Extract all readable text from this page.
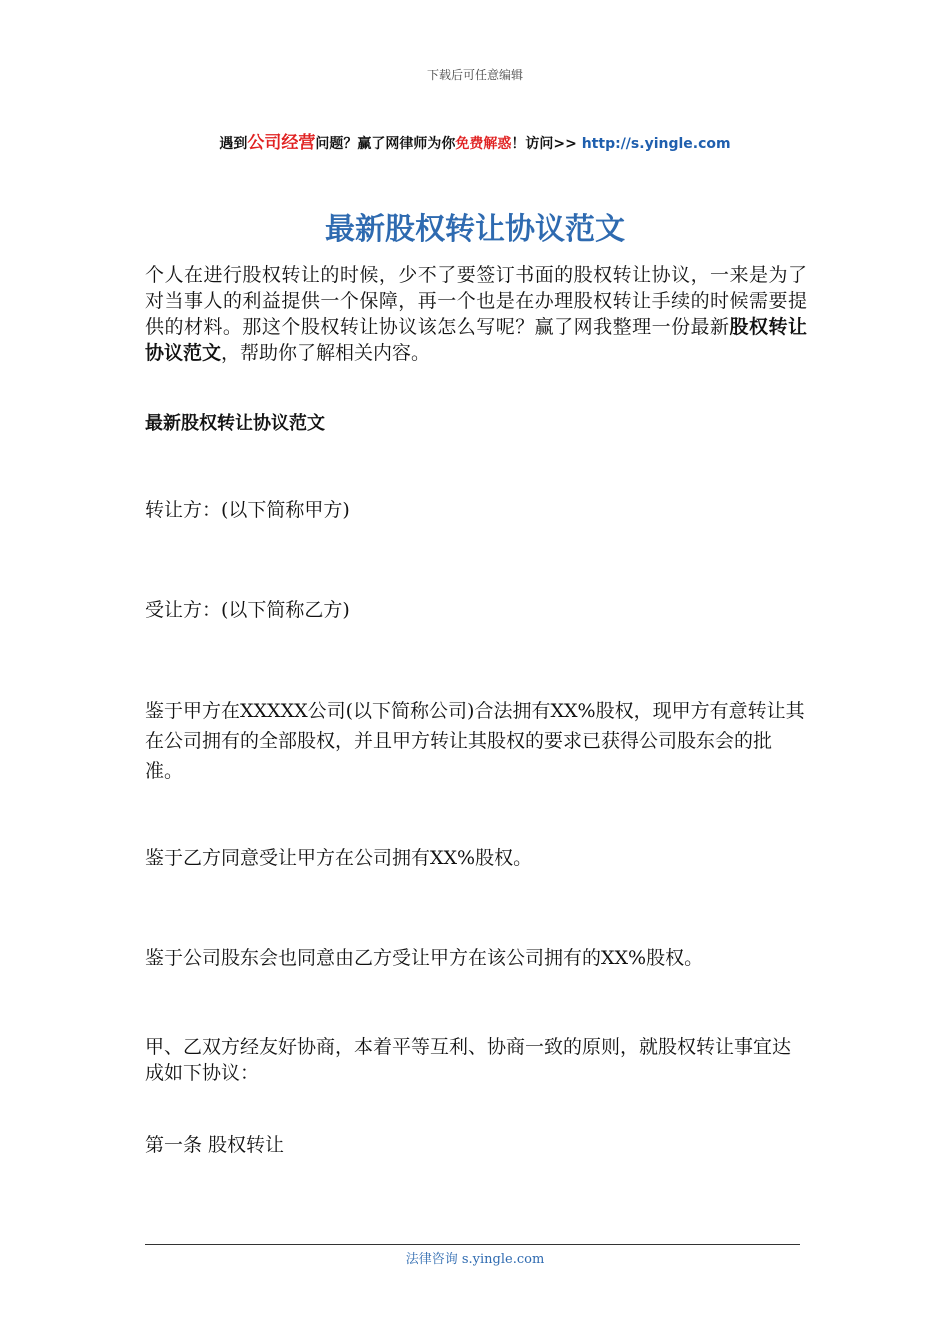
下载后可任意编辑
遇到公司经营问题？赢了网律师为你免费解惑！访问>> http://s.yingle.com
最新股权转让协议范文
个人在进行股权转让的时候，少不了要签订书面的股权转让协议，一来是为了对当事人的利益提供一个保障，再一个也是在办理股权转让手续的时候需要提供的材料。那这个股权转让协议该怎么写呢？赢了网我整理一份最新股权转让协议范文，帮助你了解相关内容。
最新股权转让协议范文
转让方：(以下简称甲方)
受让方：(以下简称乙方)
鉴于甲方在XXXXX公司(以下简称公司)合法拥有XX%股权，现甲方有意转让其在公司拥有的全部股权，并且甲方转让其股权的要求已获得公司股东会的批准。
鉴于乙方同意受让甲方在公司拥有XX%股权。
鉴于公司股东会也同意由乙方受让甲方在该公司拥有的XX%股权。
甲、乙双方经友好协商，本着平等互利、协商一致的原则，就股权转让事宜达成如下协议：
第一条 股权转让
法律咨询 s.yingle.com
